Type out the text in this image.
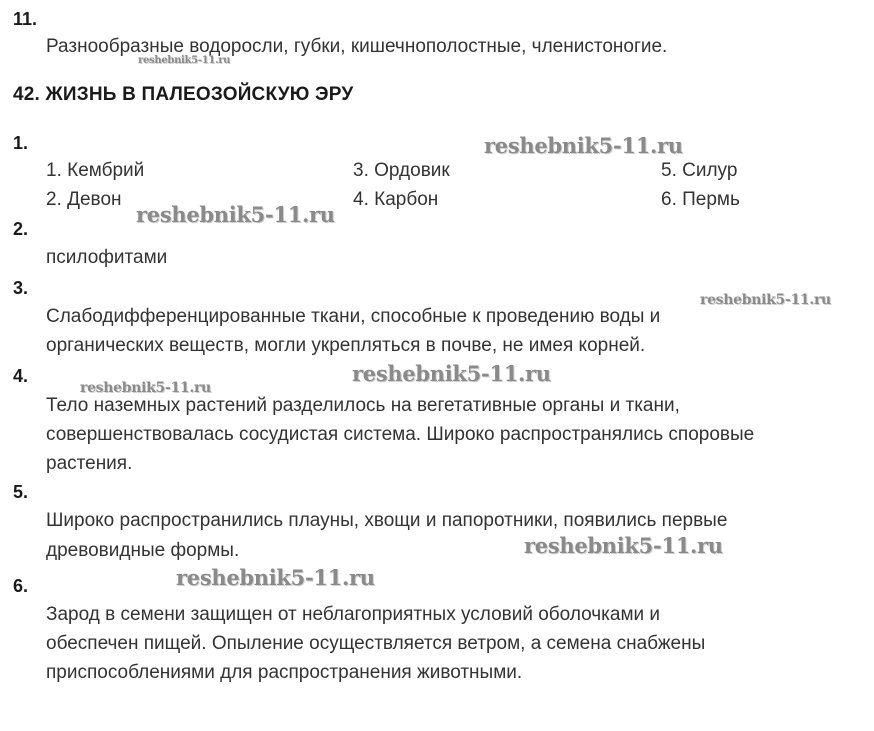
11.
Разнообразные водоросли, губки, кишечнополостные, членистоногие.
reshebnik5-11.ru
42. ЖИЗНЬ В ПАЛЕОЗОЙСКУЮ ЭРУ
1.	reshebnik5-11.ru
1. Кембрий	3. Ордовик	5. Силур
2. Девон	4. Карбон	6. Пермь
reshebnik5-11.ru
2.
псилофитами
3.
reshebnik5-11.ru
Слабодифференцированные ткани, способные к проведению воды и
органических веществ, могли укрепляться в почве, не имея корней.
4.	reshebnik5-11.ru
reshebnik5-11.ru
Тело наземных растений разделилось на вегетативные органы и ткани,
совершенствовалась сосудистая система. Широко распространялись споровые
растения.
5.
Широко распространились плауны, хвощи и папоротники, появились первые
древовидные формы.	reshebnik5-11.ru
6.	reshebnik5-11.ru
Зарод в семени защищен от неблагоприятных условий оболочками и
обеспечен пищей. Опыление осуществляется ветром, а семена снабжены
приспособлениями для распространения животными.
